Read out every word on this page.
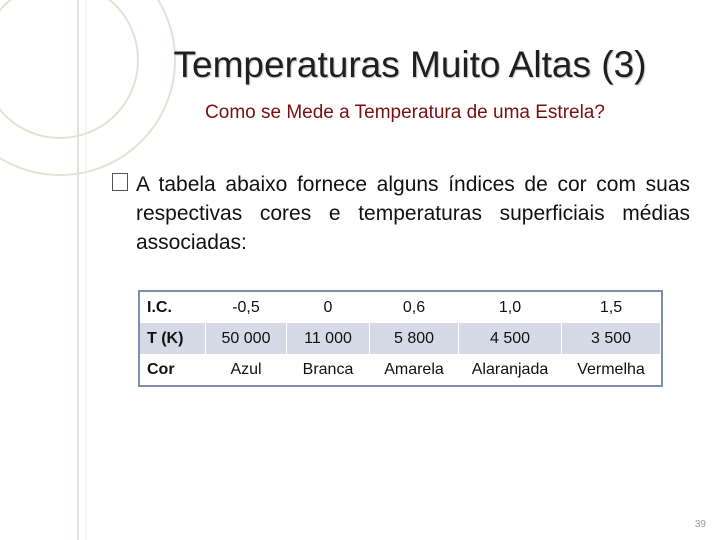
Temperaturas Muito Altas (3)
Como se Mede a Temperatura de uma Estrela?
A tabela abaixo fornece alguns índices de cor com suas respectivas cores e temperaturas superficiais médias associadas:
I.C.	-0,5	0	0,6	1,0	1,5
T (K)	50 000	11 000	5 800	4 500	3 500
Cor	Azul	Branca	Amarela	Alaranjada	Vermelha
39
